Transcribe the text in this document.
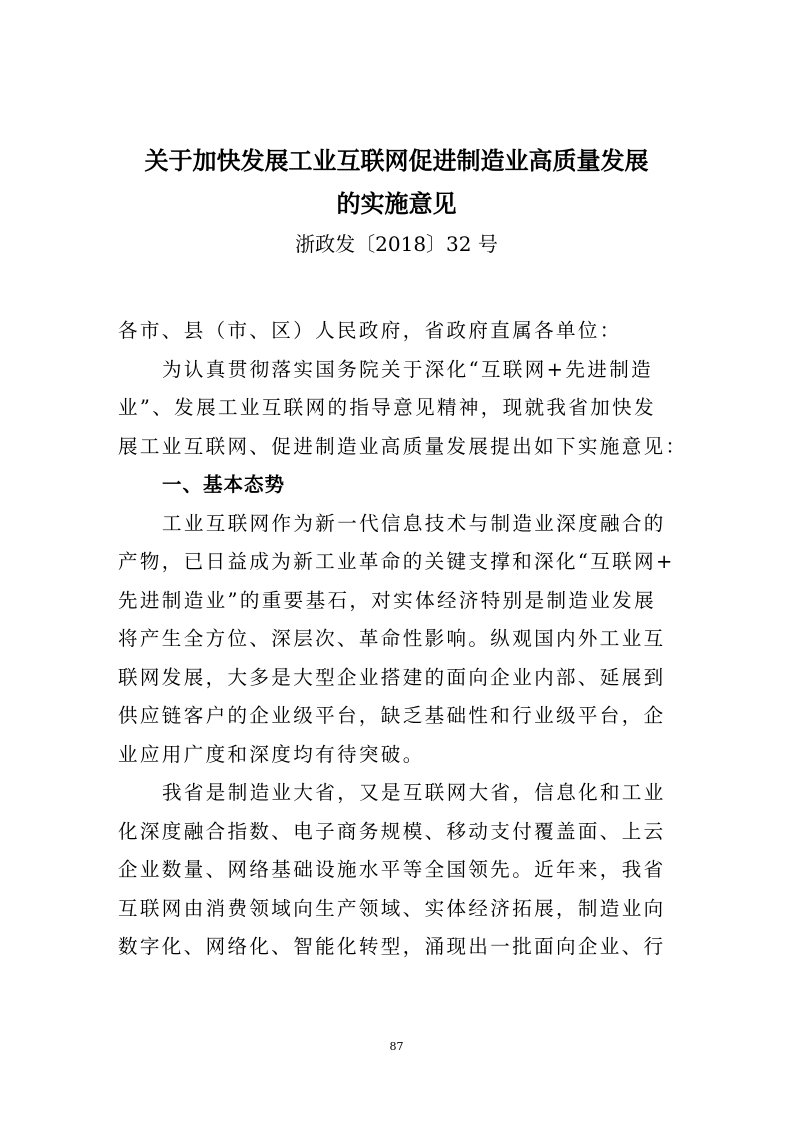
关于加快发展工业互联网促进制造业高质量发展
的实施意见
浙政发〔2018〕32 号
各市、县（市、区）人民政府，省政府直属各单位：
为认真贯彻落实国务院关于深化“互联网+先进制造
业”、发展工业互联网的指导意见精神，现就我省加快发
展工业互联网、促进制造业高质量发展提出如下实施意见：
一、基本态势
工业互联网作为新一代信息技术与制造业深度融合的
产物，已日益成为新工业革命的关键支撑和深化“互联网+
先进制造业”的重要基石，对实体经济特别是制造业发展
将产生全方位、深层次、革命性影响。纵观国内外工业互
联网发展，大多是大型企业搭建的面向企业内部、延展到
供应链客户的企业级平台，缺乏基础性和行业级平台，企
业应用广度和深度均有待突破。
我省是制造业大省，又是互联网大省，信息化和工业
化深度融合指数、电子商务规模、移动支付覆盖面、上云
企业数量、网络基础设施水平等全国领先。近年来，我省
互联网由消费领域向生产领域、实体经济拓展，制造业向
数字化、网络化、智能化转型，涌现出一批面向企业、行
87
